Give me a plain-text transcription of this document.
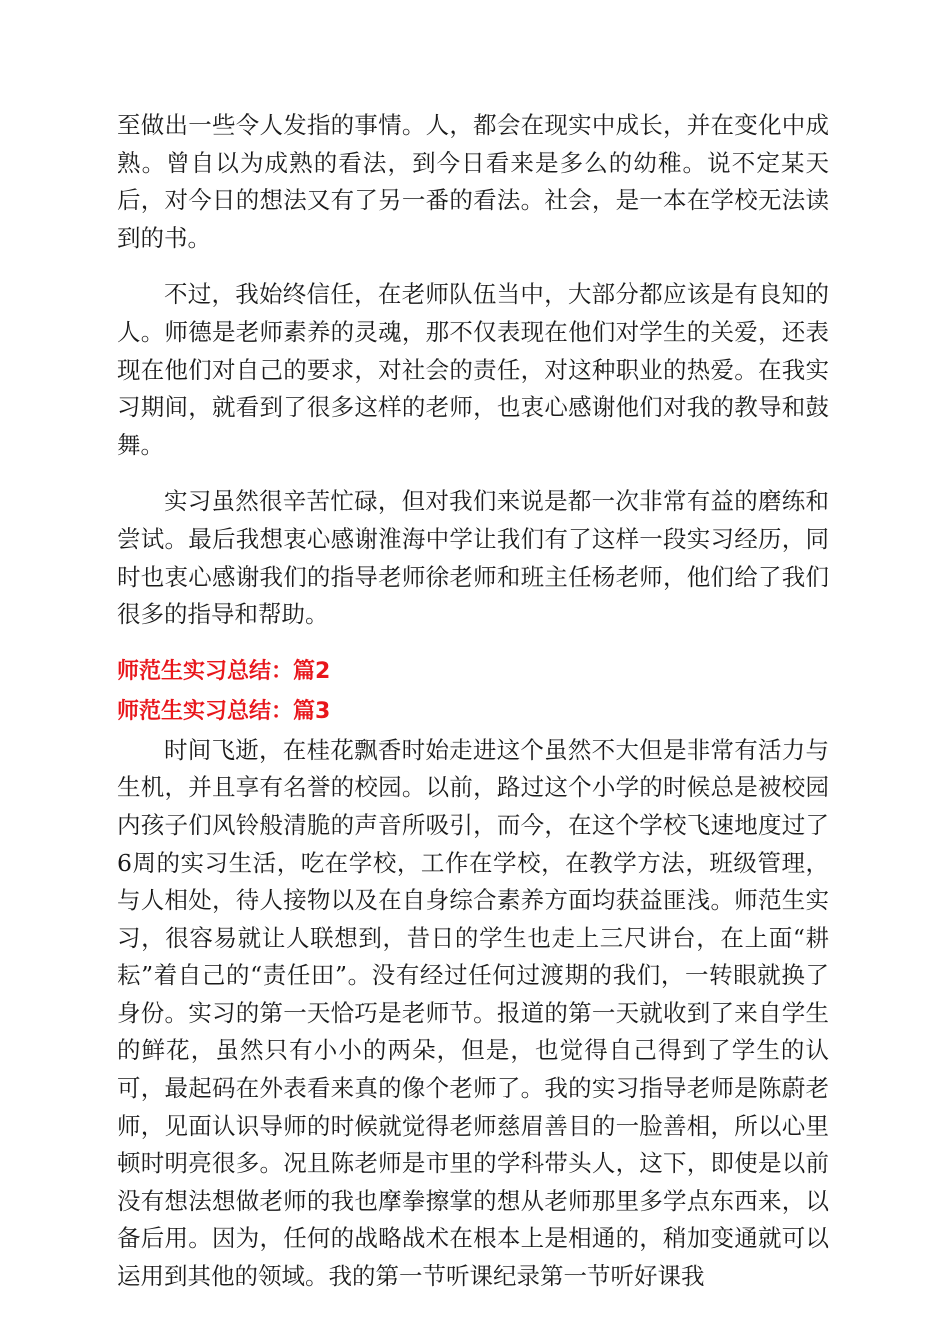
至做出一些令人发指的事情。人，都会在现实中成长，并在变化中成熟。曾自以为成熟的看法，到今日看来是多么的幼稚。说不定某天后，对今日的想法又有了另一番的看法。社会，是一本在学校无法读到的书。

不过，我始终信任，在老师队伍当中，大部分都应该是有良知的人。师德是老师素养的灵魂，那不仅表现在他们对学生的关爱，还表现在他们对自己的要求，对社会的责任，对这种职业的热爱。在我实习期间，就看到了很多这样的老师，也衷心感谢他们对我的教导和鼓舞。

实习虽然很辛苦忙碌，但对我们来说是都一次非常有益的磨练和尝试。最后我想衷心感谢淮海中学让我们有了这样一段实习经历，同时也衷心感谢我们的指导老师徐老师和班主任杨老师，他们给了我们很多的指导和帮助。

师范生实习总结：篇2

师范生实习总结：篇3

时间飞逝，在桂花飘香时始走进这个虽然不大但是非常有活力与生机，并且享有名誉的校园。以前，路过这个小学的时候总是被校园内孩子们风铃般清脆的声音所吸引，而今，在这个学校飞速地度过了6周的实习生活，吃在学校，工作在学校，在教学方法，班级管理，与人相处，待人接物以及在自身综合素养方面均获益匪浅。师范生实习，很容易就让人联想到，昔日的学生也走上三尺讲台，在上面“耕耘”着自己的“责任田”。没有经过任何过渡期的我们，一转眼就换了身份。实习的第一天恰巧是老师节。报道的第一天就收到了来自学生的鲜花，虽然只有小小的两朵，但是，也觉得自己得到了学生的认可，最起码在外表看来真的像个老师了。我的实习指导老师是陈蔚老师，见面认识导师的时候就觉得老师慈眉善目的一脸善相，所以心里顿时明亮很多。况且陈老师是市里的学科带头人，这下，即使是以前没有想法想做老师的我也摩拳擦掌的想从老师那里多学点东西来，以备后用。因为，任何的战略战术在根本上是相通的，稍加变通就可以运用到其他的领域。我的第一节听课纪录第一节听好课我
